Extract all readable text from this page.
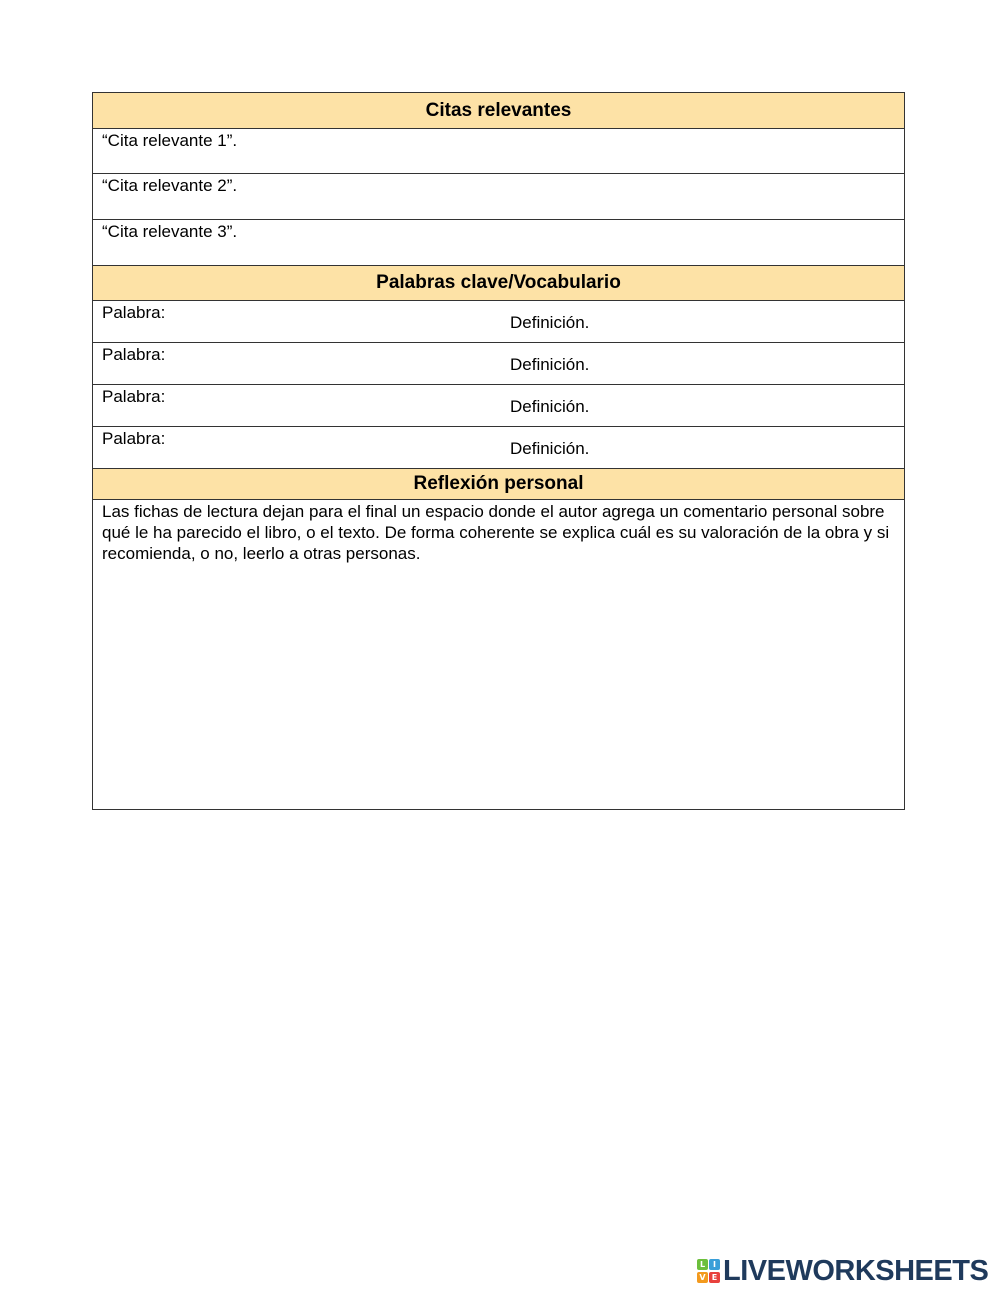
Citas relevantes
“Cita relevante 1”.
“Cita relevante 2”.
“Cita relevante 3”.
Palabras clave/Vocabulario
Palabra:
Definición.
Palabra:
Definición.
Palabra:
Definición.
Palabra:
Definición.
Reflexión personal
Las fichas de lectura dejan para el final un espacio donde el autor agrega un comentario personal sobre qué le ha parecido el libro, o el texto. De forma coherente se explica cuál es su valoración de la obra y si recomienda, o no, leerlo a otras personas.
L I
V E LIVEWORKSHEETS
